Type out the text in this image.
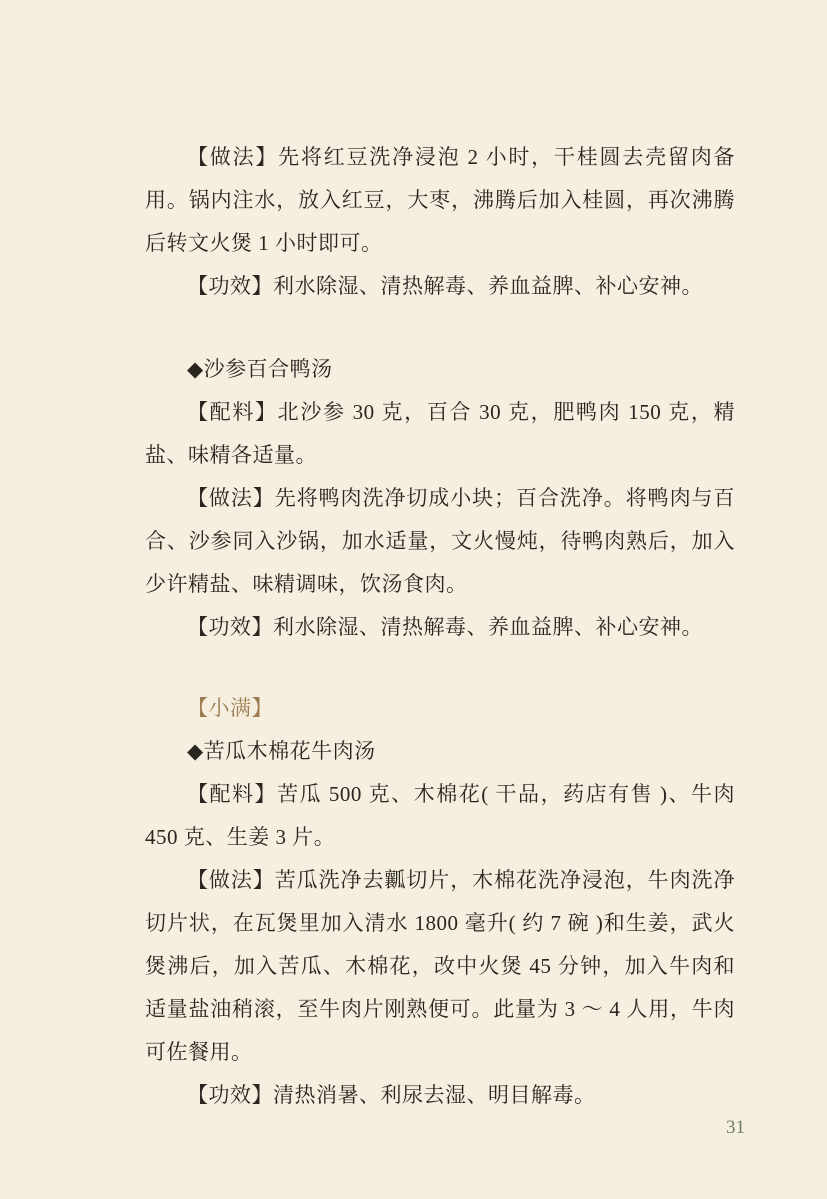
【做法】先将红豆洗净浸泡 2 小时，干桂圆去壳留肉备用。锅内注水，放入红豆，大枣，沸腾后加入桂圆，再次沸腾后转文火煲 1 小时即可。

【功效】利水除湿、清热解毒、养血益脾、补心安神。

◆沙参百合鸭汤

【配料】北沙参 30 克，百合 30 克，肥鸭肉 150 克，精盐、味精各适量。

【做法】先将鸭肉洗净切成小块；百合洗净。将鸭肉与百合、沙参同入沙锅，加水适量，文火慢炖，待鸭肉熟后，加入少许精盐、味精调味，饮汤食肉。

【功效】利水除湿、清热解毒、养血益脾、补心安神。

【小满】

◆苦瓜木棉花牛肉汤

【配料】苦瓜 500 克、木棉花( 干品，药店有售 )、牛肉 450 克、生姜 3 片。

【做法】苦瓜洗净去瓤切片，木棉花洗净浸泡，牛肉洗净切片状，在瓦煲里加入清水 1800 毫升( 约 7 碗 )和生姜，武火煲沸后，加入苦瓜、木棉花，改中火煲 45 分钟，加入牛肉和适量盐油稍滚，至牛肉片刚熟便可。此量为 3 ～ 4 人用，牛肉可佐餐用。

【功效】清热消暑、利尿去湿、明目解毒。

31
